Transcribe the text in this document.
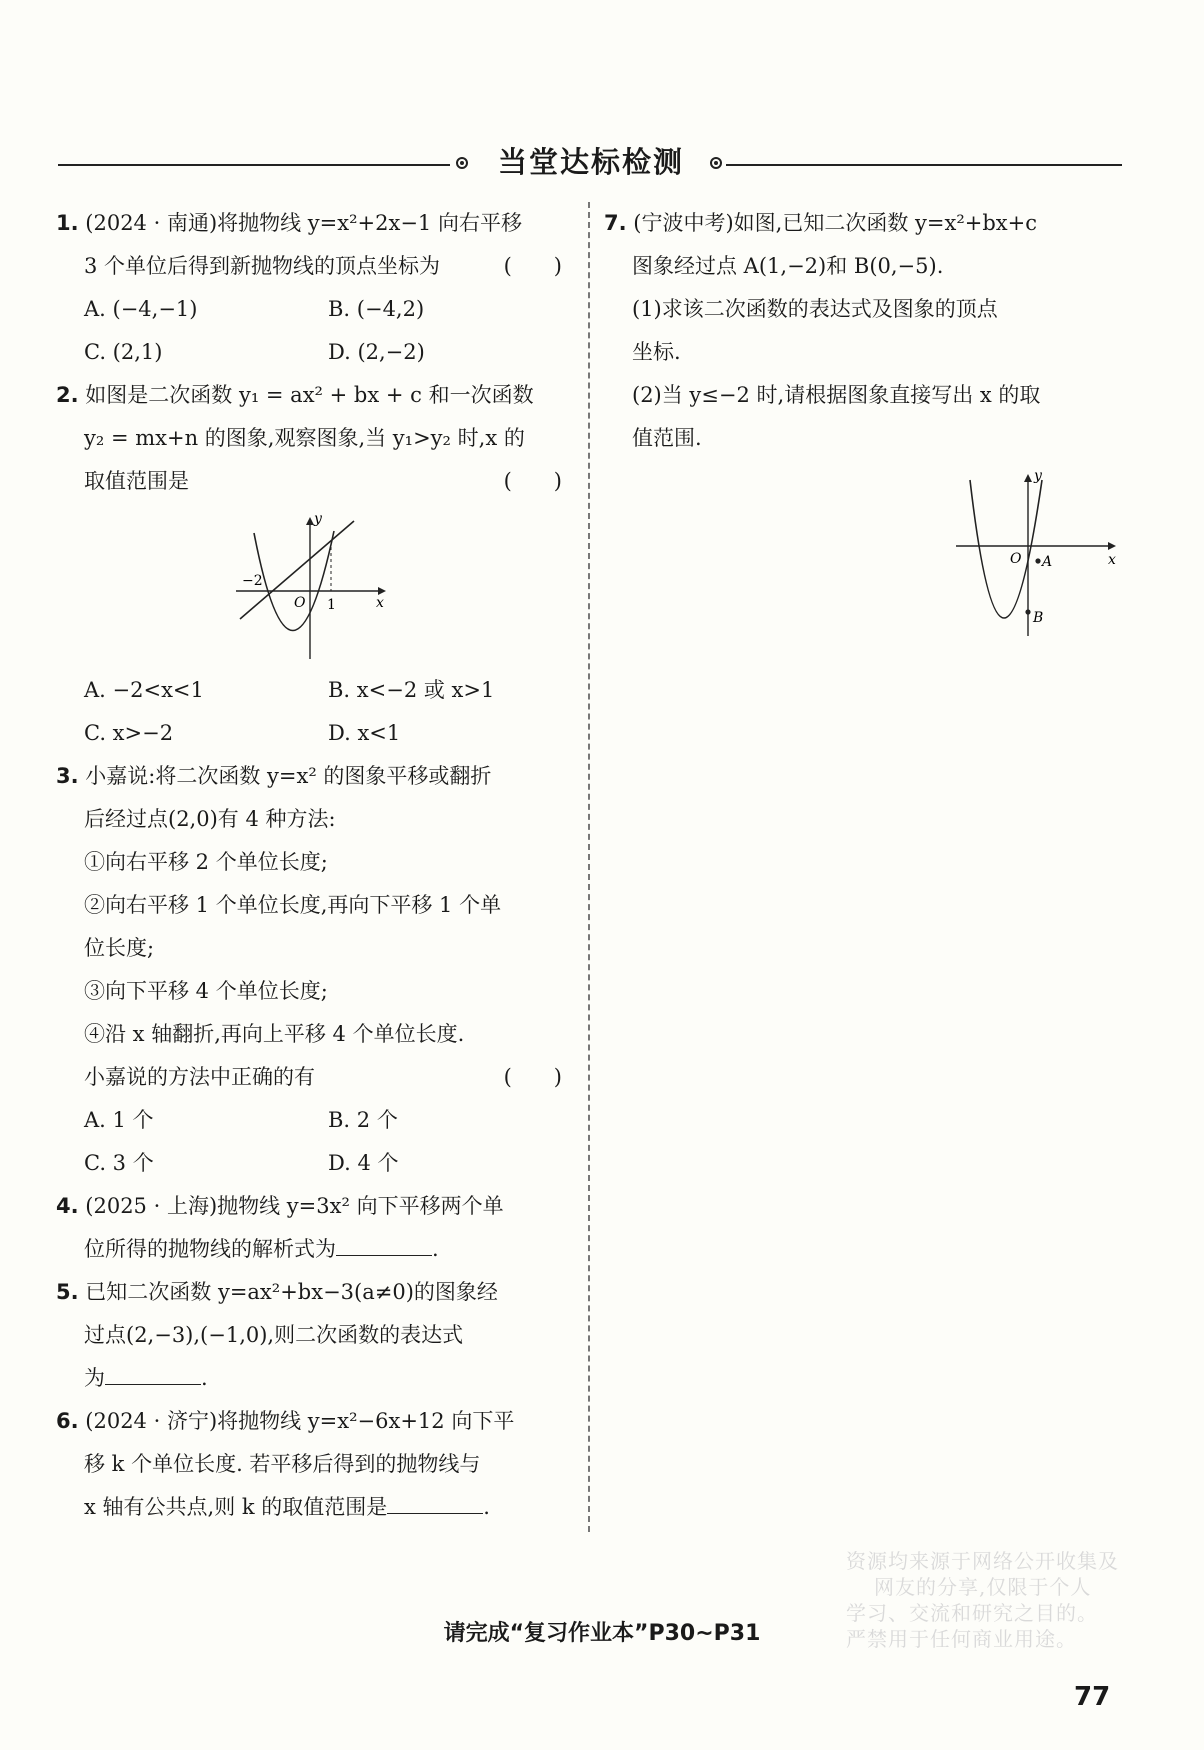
当堂达标检测
1. (2024 · 南通)将抛物线 y=x²+2x−1 向右平移
3 个单位后得到新抛物线的顶点坐标为	(　　)
A. (−4,−1)	B. (−4,2)
C. (2,1)	D. (2,−2)
2. 如图是二次函数 y₁ = ax² + bx + c 和一次函数
y₂ = mx+n 的图象,观察图象,当 y₁>y₂ 时,x 的
取值范围是	(　　)
y
x
O
−2
1
A. −2<x<1	B. x<−2 或 x>1
C. x>−2	D. x<1
3. 小嘉说:将二次函数 y=x² 的图象平移或翻折
后经过点(2,0)有 4 种方法:
①向右平移 2 个单位长度;
②向右平移 1 个单位长度,再向下平移 1 个单
位长度;
③向下平移 4 个单位长度;
④沿 x 轴翻折,再向上平移 4 个单位长度.
小嘉说的方法中正确的有	(　　)
A. 1 个	B. 2 个
C. 3 个	D. 4 个
4. (2025 · 上海)抛物线 y=3x² 向下平移两个单
位所得的抛物线的解析式为	.
5. 已知二次函数 y=ax²+bx−3(a≠0)的图象经
过点(2,−3),(−1,0),则二次函数的表达式
为	.
6. (2024 · 济宁)将抛物线 y=x²−6x+12 向下平
移 k 个单位长度. 若平移后得到的抛物线与
x 轴有公共点,则 k 的取值范围是	.
7. (宁波中考)如图,已知二次函数 y=x²+bx+c
图象经过点 A(1,−2)和 B(0,−5).
(1)求该二次函数的表达式及图象的顶点
坐标.
(2)当 y≤−2 时,请根据图象直接写出 x 的取
值范围.
y
x
O A
B
资源均来源于网络公开收集及
网友的分享,仅限于个人
学习、交流和研究之目的。
严禁用于任何商业用途。
请完成“复习作业本”P30~P31
77
